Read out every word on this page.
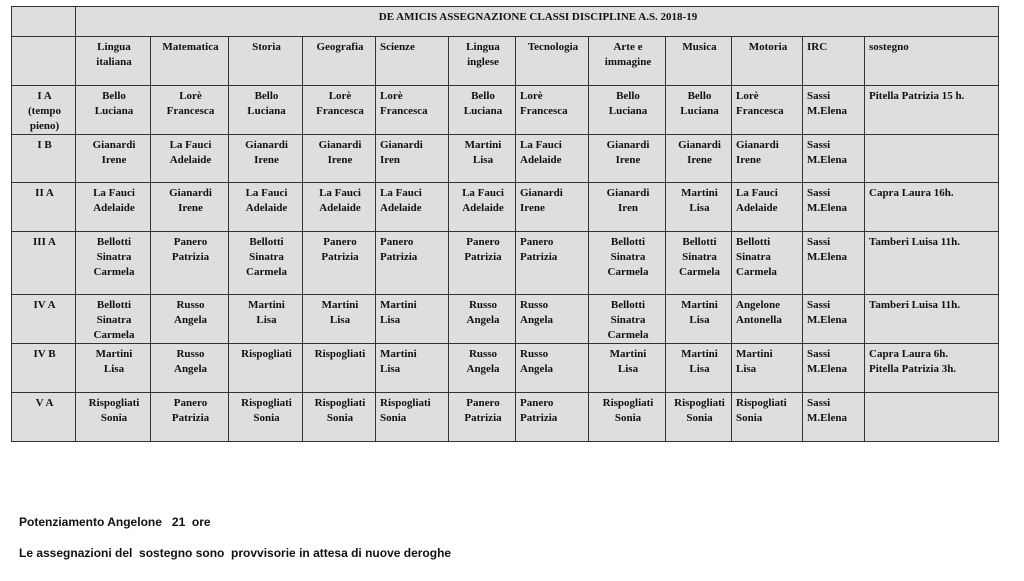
	DE AMICIS ASSEGNAZIONE CLASSI DISCIPLINE A.S. 2018-19											
	Lingua
italiana	Matematica	Storia	Geografia	Scienze	Lingua
inglese	Tecnologia	Arte e
immagine	Musica	Motoria	IRC	sostegno
I A
(tempo
pieno)	Bello
Luciana	Lorè
Francesca	Bello
Luciana	Lorè
Francesca	Lorè
Francesca	Bello
Luciana	Lorè
Francesca	Bello
Luciana	Bello
Luciana	Lorè
Francesca	Sassi
M.Elena	Pitella Patrizia 15 h.
I B	Gianardi
Irene	La Fauci
Adelaide	Gianardi
Irene	Gianardi
Irene	Gianardi
Iren	Martini
Lisa	La Fauci
Adelaide	Gianardi
Irene	Gianardi
Irene	Gianardi
Irene	Sassi
M.Elena	
II A	La Fauci
Adelaide	Gianardi
Irene	La Fauci
Adelaide	La Fauci
Adelaide	La Fauci
Adelaide	La Fauci
Adelaide	Gianardi
Irene	Gianardi
Iren	Martini
Lisa	La Fauci
Adelaide	Sassi
M.Elena	Capra Laura 16h.
III A	Bellotti
Sinatra
Carmela	Panero
Patrizia	Bellotti
Sinatra
Carmela	Panero
Patrizia	Panero
Patrizia	Panero
Patrizia	Panero
Patrizia	Bellotti
Sinatra
Carmela	Bellotti
Sinatra
Carmela	Bellotti
Sinatra
Carmela	Sassi
M.Elena	Tamberi Luisa 11h.
IV A	Bellotti
Sinatra
Carmela	Russo
Angela	Martini
Lisa	Martini
Lisa	Martini
Lisa	Russo
Angela	Russo
Angela	Bellotti
Sinatra
Carmela	Martini
Lisa	Angelone
Antonella	Sassi
M.Elena	Tamberi Luisa 11h.
IV B	Martini
Lisa	Russo
Angela	Rispogliati	Rispogliati	Martini
Lisa	Russo
Angela	Russo
Angela	Martini
Lisa	Martini
Lisa	Martini
Lisa	Sassi
M.Elena	Capra Laura 6h.
Pitella Patrizia 3h.
V A	Rispogliati
Sonia	Panero
Patrizia	Rispogliati
Sonia	Rispogliati
Sonia	Rispogliati
Sonia	Panero
Patrizia	Panero
Patrizia	Rispogliati
Sonia	Rispogliati
Sonia	Rispogliati
Sonia	Sassi
M.Elena	
Potenziamento Angelone   21  ore
Le assegnazioni del  sostegno sono  provvisorie in attesa di nuove deroghe
